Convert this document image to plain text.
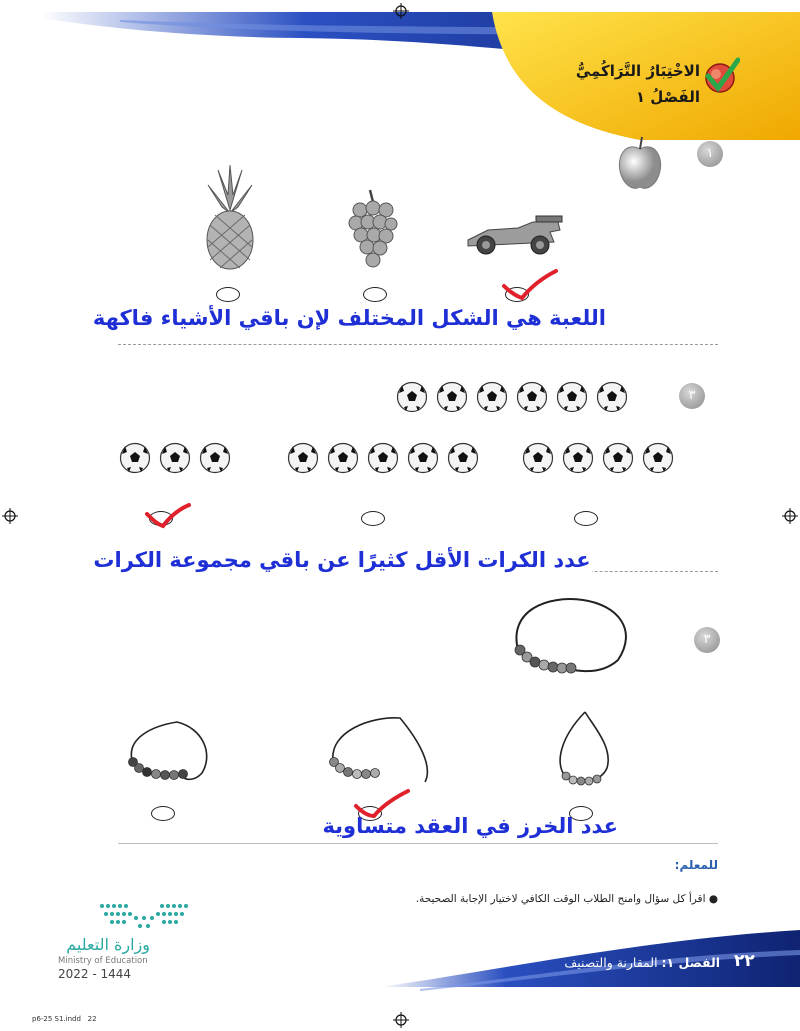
الاخْتِبَارُ التَّرَاكُمِيُّ
الفَصْلُ ١
١
اللعبة هي الشكل المختلف لإن باقي الأشياء فاكهة
٣
عدد الكرات الأقل كثيرًا عن باقي مجموعة الكرات
٣
عدد الخرز في العقد متساوية
للمعلم:
● اقرأ كل سؤال وامنح الطلاب الوقت الكافي لاختيار الإجابة الصحيحة.
وزارة التعليم
Ministry of Education
2022 - 1444
الفصل ١: المقارنة والتصنيف	٢٢
p6-25 S1.indd   22
